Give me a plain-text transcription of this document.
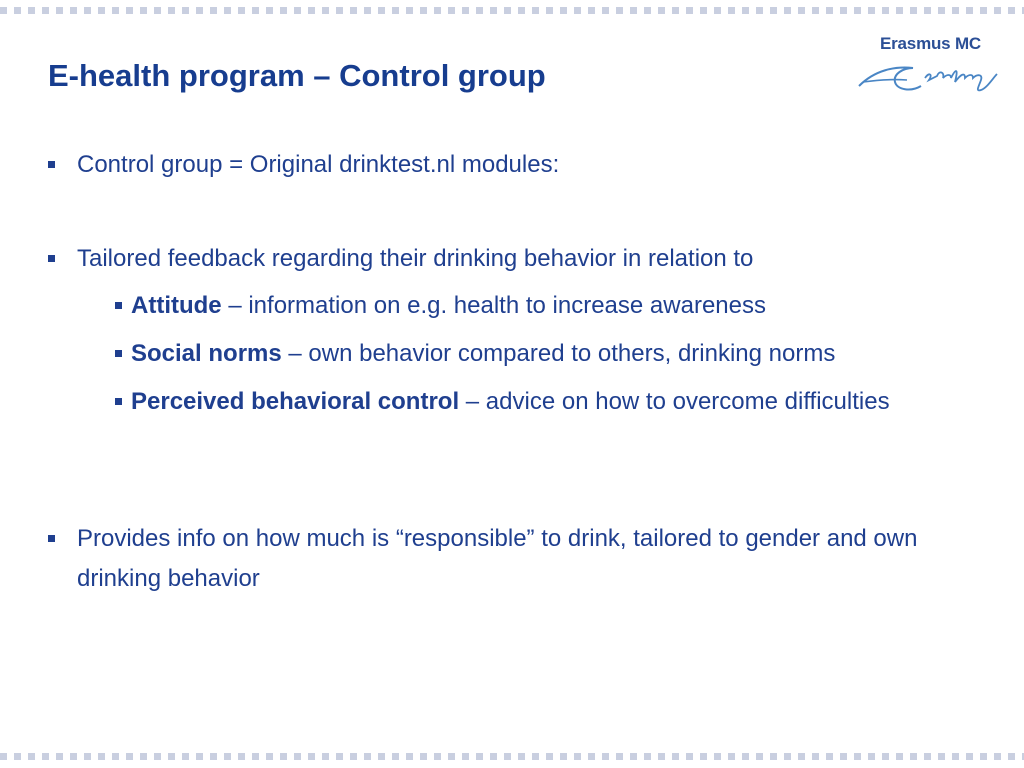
E-health program – Control group
Erasmus MC
Control group = Original drinktest.nl modules:
Tailored feedback regarding their drinking behavior in relation to
Attitude – information on e.g. health to increase awareness
Social norms – own behavior compared to others, drinking norms
Perceived behavioral control – advice on how to overcome difficulties
Provides info on how much is “responsible” to drink, tailored to gender and own drinking behavior
